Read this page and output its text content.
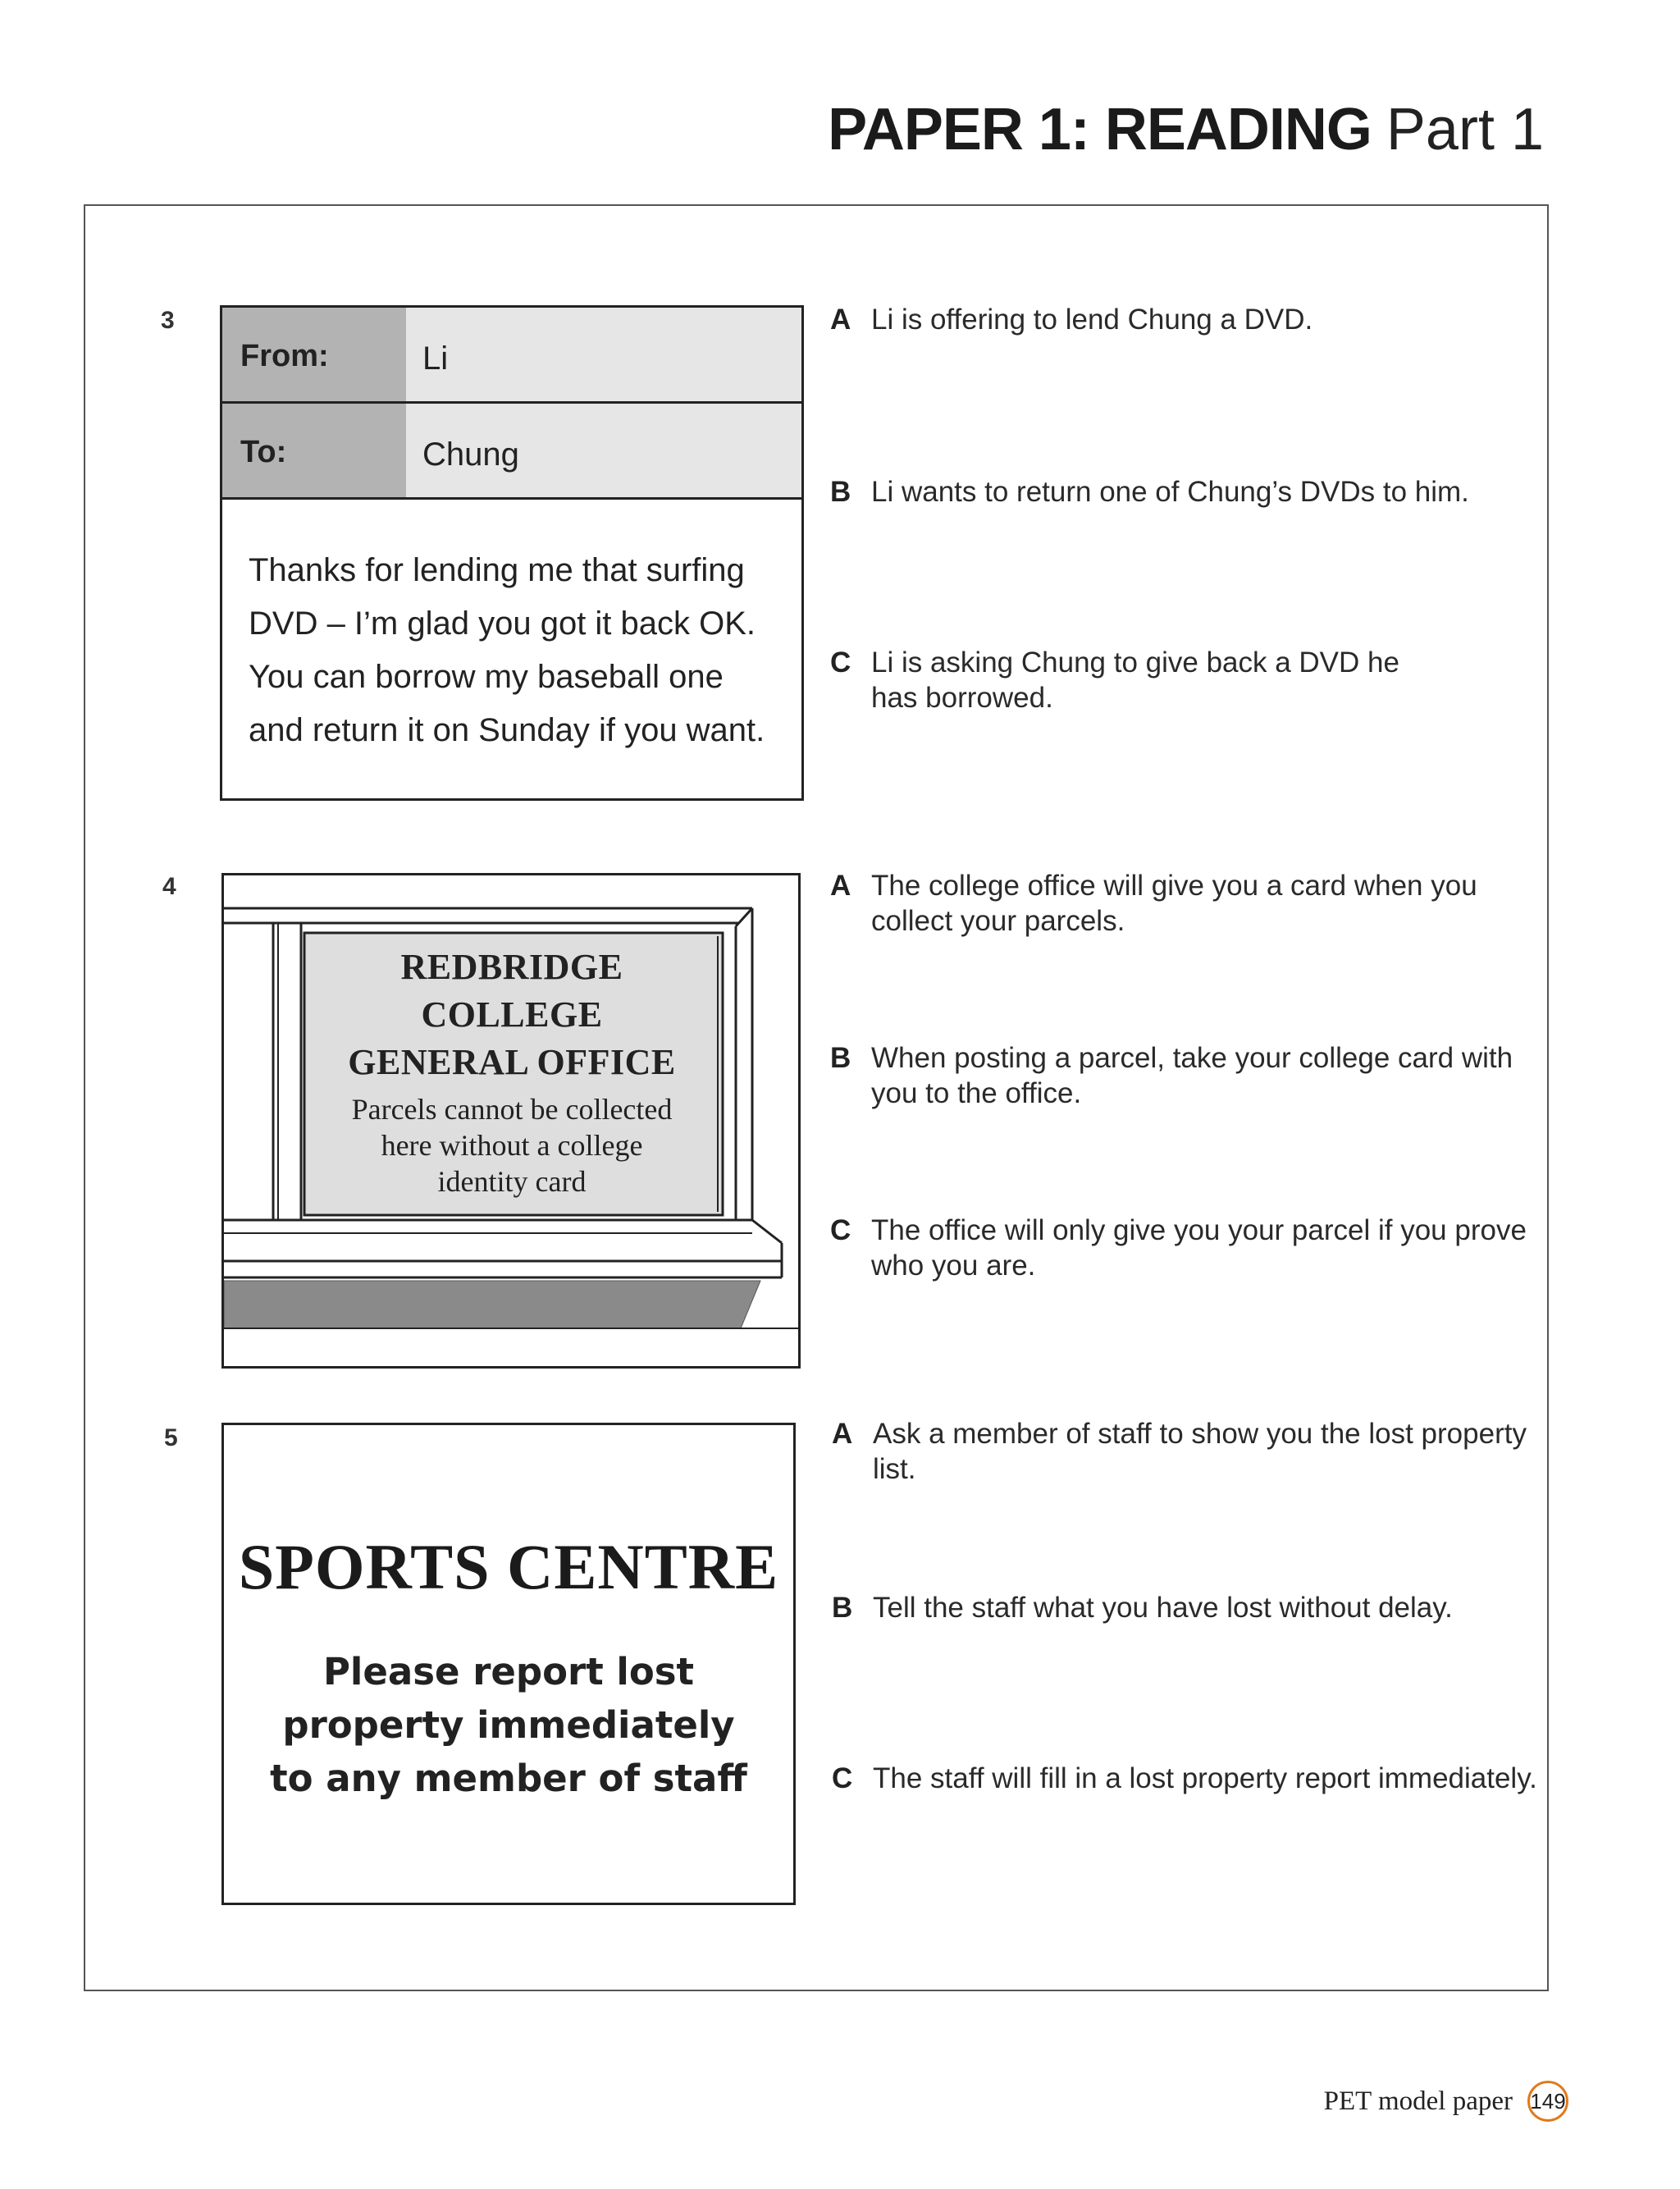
PAPER 1: READING Part 1
3
From:	Li
To:	Chung
Thanks for lending me that surfing
DVD – I’m glad you got it back OK.
You can borrow my baseball one
and return it on Sunday if you want.
A Li is offering to lend Chung a DVD.
B Li wants to return one of Chung’s DVDs to him.
C Li is asking Chung to give back a DVD he has borrowed.
4
REDBRIDGE
COLLEGE
GENERAL OFFICE
Parcels cannot be collected
here without a college
identity card
A The college office will give you a card when you collect your parcels.
B When posting a parcel, take your college card with you to the office.
C The office will only give you your parcel if you prove who you are.
5
SPORTS CENTRE
Please report lost
property immediately
to any member of staff
A Ask a member of staff to show you the lost property list.
B Tell the staff what you have lost without delay.
C The staff will fill in a lost property report immediately.
PET model paper 149
